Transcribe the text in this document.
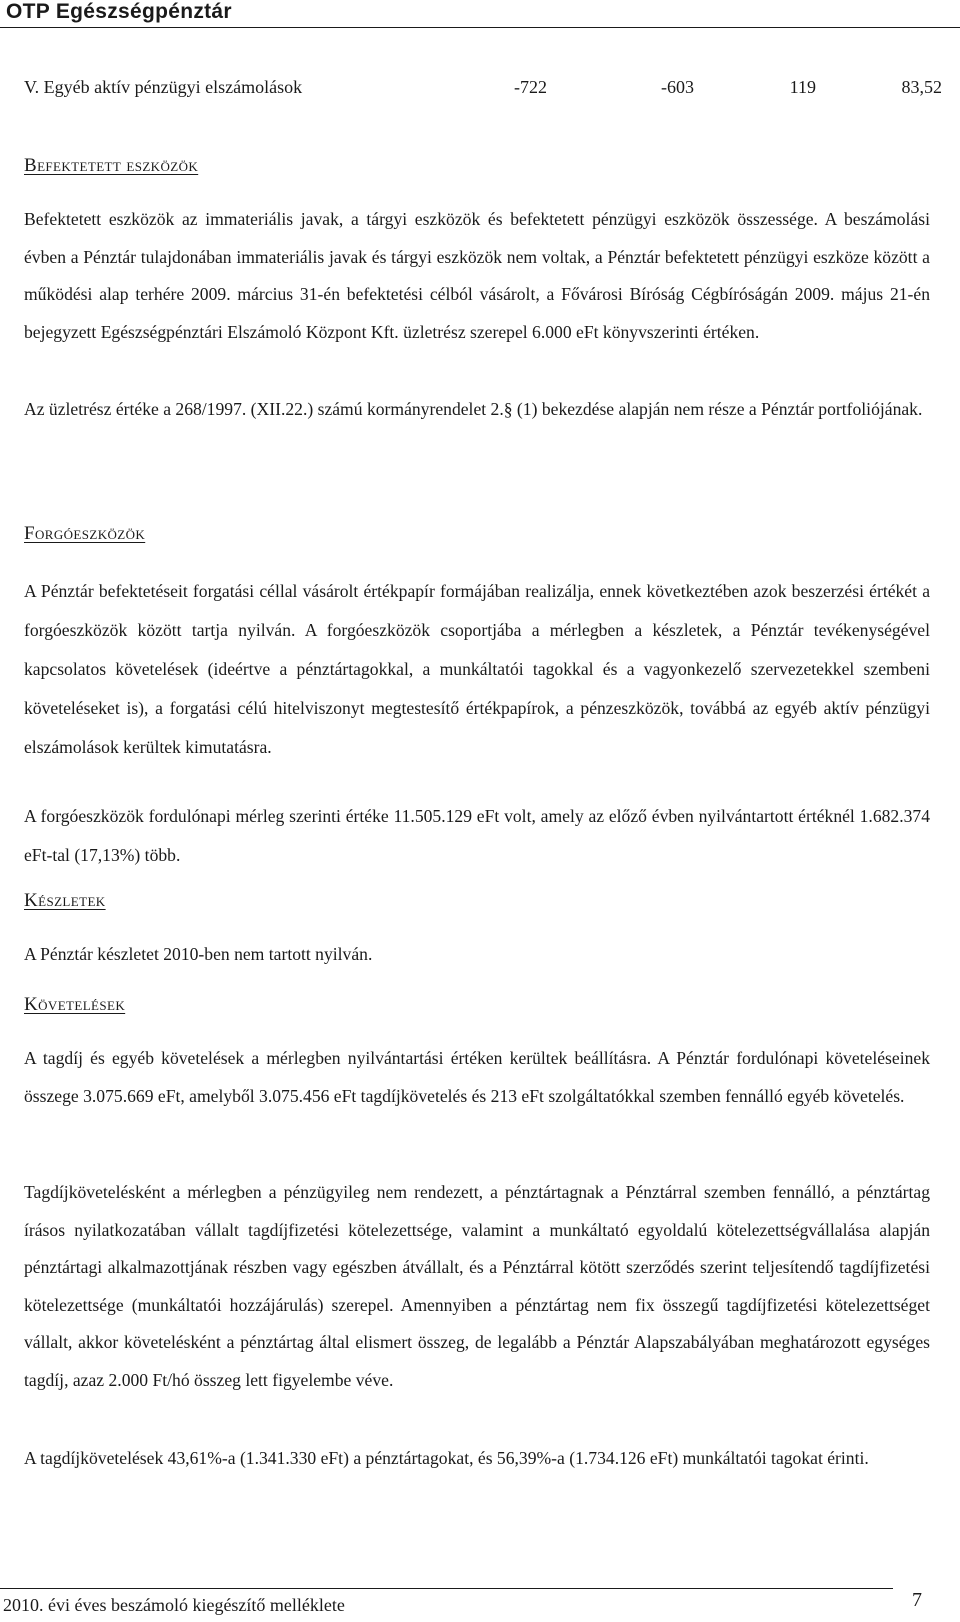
OTP Egészségpénztár
V. Egyéb aktív pénzügyi elszámolások	-722	-603	119	83,52
Befektetett eszközök

Befektetett eszközök az immateriális javak, a tárgyi eszközök és befektetett pénzügyi eszközök összessége. A beszámolási évben a Pénztár tulajdonában immateriális javak és tárgyi eszközök nem voltak, a Pénztár befektetett pénzügyi eszköze között a működési alap terhére 2009. március 31-én befektetési célból vásárolt, a Fővárosi Bíróság Cégbíróságán 2009. május 21-én bejegyzett Egészségpénztári Elszámoló Központ Kft. üzletrész szerepel 6.000 eFt könyvszerinti értéken.

Az üzletrész értéke a 268/1997. (XII.22.) számú kormányrendelet 2.§ (1) bekezdése alapján nem része a Pénztár portfoliójának.

Forgóeszközök

A Pénztár befektetéseit forgatási céllal vásárolt értékpapír formájában realizálja, ennek következtében azok beszerzési értékét a forgóeszközök között tartja nyilván. A forgóeszközök csoportjába a mérlegben a készletek, a Pénztár tevékenységével kapcsolatos követelések (ideértve a pénztártagokkal, a munkáltatói tagokkal és a vagyonkezelő szervezetekkel szembeni követeléseket is), a forgatási célú hitelviszonyt megtestesítő értékpapírok, a pénzeszközök, továbbá az egyéb aktív pénzügyi elszámolások kerültek kimutatásra.

A forgóeszközök fordulónapi mérleg szerinti értéke 11.505.129 eFt volt, amely az előző évben nyilvántartott értéknél 1.682.374 eFt-tal (17,13%) több.

Készletek

A Pénztár készletet 2010-ben nem tartott nyilván.

Követelések

A tagdíj és egyéb követelések a mérlegben nyilvántartási értéken kerültek beállításra. A Pénztár fordulónapi követeléseinek összege 3.075.669 eFt, amelyből 3.075.456 eFt tagdíjkövetelés és 213 eFt szolgáltatókkal szemben fennálló egyéb követelés.

Tagdíjkövetelésként a mérlegben a pénzügyileg nem rendezett, a pénztártagnak a Pénztárral szemben fennálló, a pénztártag írásos nyilatkozatában vállalt tagdíjfizetési kötelezettsége, valamint a munkáltató egyoldalú kötelezettségvállalása alapján pénztártagi alkalmazottjának részben vagy egészben átvállalt, és a Pénztárral kötött szerződés szerint teljesítendő tagdíjfizetési kötelezettsége (munkáltatói hozzájárulás) szerepel. Amennyiben a pénztártag nem fix összegű tagdíjfizetési kötelezettséget vállalt, akkor követelésként a pénztártag által elismert összeg, de legalább a Pénztár Alapszabályában meghatározott egységes tagdíj, azaz 2.000 Ft/hó összeg lett figyelembe véve.

A tagdíjkövetelések 43,61%-a (1.341.330 eFt) a pénztártagokat, és 56,39%-a (1.734.126 eFt) munkáltatói tagokat érinti.

2010. évi éves beszámoló kiegészítő melléklete	7
